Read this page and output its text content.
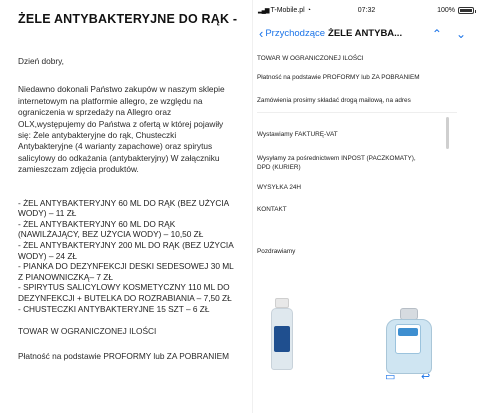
ŻELE ANTYBAKTERYJNE DO RĄK -
Dzień dobry,
Niedawno dokonali Państwo zakupów w naszym sklepie
internetowym na platformie allegro, ze względu na
ograniczenia w sprzedaży na Allegro oraz
OLX,występujemy do Państwa z ofertą w której pojawiły
się: Żele antybakteryjne do rąk, Chusteczki
Antybakteryjne (4 warianty zapachowe) oraz spirytus
salicylowy do odkażania (antybakteryjny) W załączniku
zamieszczam zdjęcia produktów.
- ŻEL ANTYBAKTERYJNY 60 ML DO RĄK (BEZ UŻYCIA
WODY) – 11 ZŁ
- ŻEL ANTYBAKTERYJNY 60 ML DO RĄK
(NAWILŻAJĄCY, BEZ UŻYCIA WODY) – 10,50 ZŁ
- ŻEL ANTYBAKTERYJNY 200 ML DO RĄK (BEZ UŻYCIA
WODY) – 24 ZŁ
- PIANKA DO DEZYNFEKCJI DESKI SEDESOWEJ 30 ML
Z PIANOWNICZKĄ– 7 ZŁ
- SPIRYTUS SALICYLOWY KOSMETYCZNY 110 ML DO
DEZYNFEKCJI + BUTELKA DO ROZRABIANIA – 7,50 ZŁ
- CHUSTECZKI ANTYBAKTERYJNE 15 SZT – 6 ZŁ
TOWAR W OGRANICZONEJ ILOŚCI
Płatność na podstawie PROFORMY lub ZA POBRANIEM
▂▄▆ T-Mobile.pl ◔	07:32	100%
‹ Przychodzące ŻELE ANTYBA... ⌃ ⌄
TOWAR W OGRANICZONEJ ILOŚCI
Płatność na podstawie PROFORMY lub ZA POBRANIEM
Zamówienia prosimy składać drogą mailową, na adres
Wystawiamy FAKTURĘ-VAT
Wysyłamy za pośrednictwem INPOST (PACZKOMATY),
DPD (KURIER)
WYSYŁKA 24H
KONTAKT
Pozdrawiamy
▭ ↩
